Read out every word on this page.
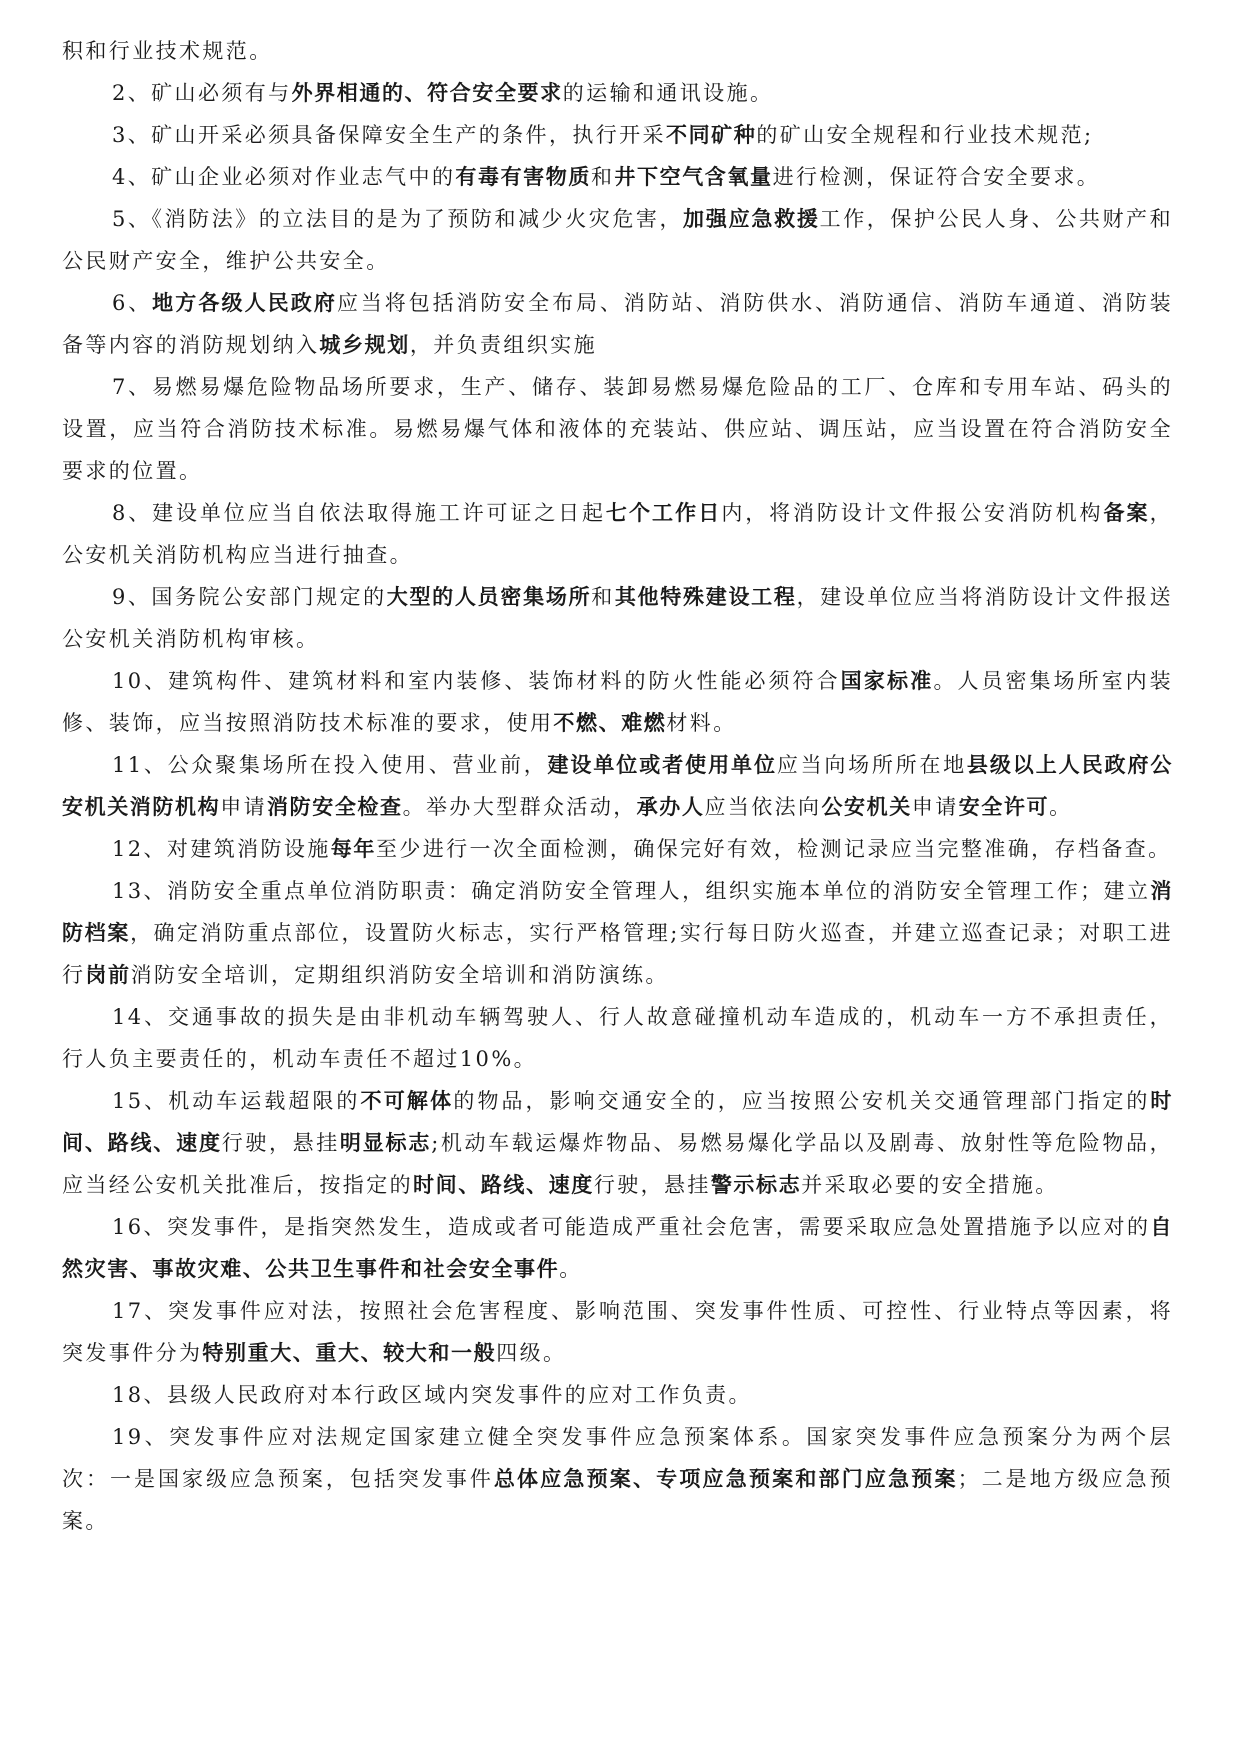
积和行业技术规范。

2、矿山必须有与外界相通的、符合安全要求的运输和通讯设施。

3、矿山开采必须具备保障安全生产的条件，执行开采不同矿种的矿山安全规程和行业技术规范;

4、矿山企业必须对作业志气中的有毒有害物质和井下空气含氧量进行检测，保证符合安全要求。

5、《消防法》的立法目的是为了预防和减少火灾危害，加强应急救援工作，保护公民人身、公共财产和公民财产安全，维护公共安全。

6、地方各级人民政府应当将包括消防安全布局、消防站、消防供水、消防通信、消防车通道、消防装备等内容的消防规划纳入城乡规划，并负责组织实施

7、易燃易爆危险物品场所要求，生产、储存、装卸易燃易爆危险品的工厂、仓库和专用车站、码头的设置，应当符合消防技术标准。易燃易爆气体和液体的充装站、供应站、调压站，应当设置在符合消防安全要求的位置。

8、建设单位应当自依法取得施工许可证之日起七个工作日内，将消防设计文件报公安消防机构备案，公安机关消防机构应当进行抽查。

9、国务院公安部门规定的大型的人员密集场所和其他特殊建设工程，建设单位应当将消防设计文件报送公安机关消防机构审核。

10、建筑构件、建筑材料和室内装修、装饰材料的防火性能必须符合国家标准。人员密集场所室内装修、装饰，应当按照消防技术标准的要求，使用不燃、难燃材料。

11、公众聚集场所在投入使用、营业前，建设单位或者使用单位应当向场所所在地县级以上人民政府公安机关消防机构申请消防安全检查。举办大型群众活动，承办人应当依法向公安机关申请安全许可。

12、对建筑消防设施每年至少进行一次全面检测，确保完好有效，检测记录应当完整准确，存档备查。

13、消防安全重点单位消防职责：确定消防安全管理人，组织实施本单位的消防安全管理工作；建立消防档案，确定消防重点部位，设置防火标志，实行严格管理;实行每日防火巡查，并建立巡查记录；对职工进行岗前消防安全培训，定期组织消防安全培训和消防演练。

14、交通事故的损失是由非机动车辆驾驶人、行人故意碰撞机动车造成的，机动车一方不承担责任，行人负主要责任的，机动车责任不超过10%。

15、机动车运载超限的不可解体的物品，影响交通安全的，应当按照公安机关交通管理部门指定的时间、路线、速度行驶，悬挂明显标志;机动车载运爆炸物品、易燃易爆化学品以及剧毒、放射性等危险物品，应当经公安机关批准后，按指定的时间、路线、速度行驶，悬挂警示标志并采取必要的安全措施。

16、突发事件，是指突然发生，造成或者可能造成严重社会危害，需要采取应急处置措施予以应对的自然灾害、事故灾难、公共卫生事件和社会安全事件。

17、突发事件应对法，按照社会危害程度、影响范围、突发事件性质、可控性、行业特点等因素，将突发事件分为特别重大、重大、较大和一般四级。

18、县级人民政府对本行政区域内突发事件的应对工作负责。

19、突发事件应对法规定国家建立健全突发事件应急预案体系。国家突发事件应急预案分为两个层次：一是国家级应急预案，包括突发事件总体应急预案、专项应急预案和部门应急预案；二是地方级应急预案。
